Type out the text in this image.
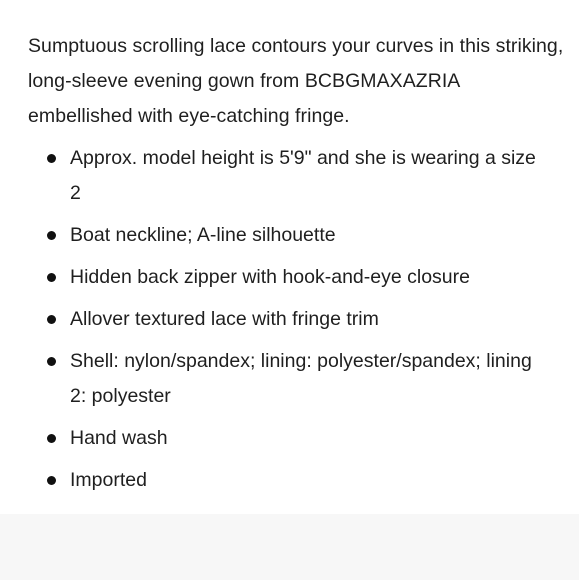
Sumptuous scrolling lace contours your curves in this striking, long-sleeve evening gown from BCBGMAXAZRIA embellished with eye-catching fringe.

Approx. model height is 5'9" and she is wearing a size 2
Boat neckline; A-line silhouette
Hidden back zipper with hook-and-eye closure
Allover textured lace with fringe trim
Shell: nylon/spandex; lining: polyester/spandex; lining 2: polyester
Hand wash
Imported
